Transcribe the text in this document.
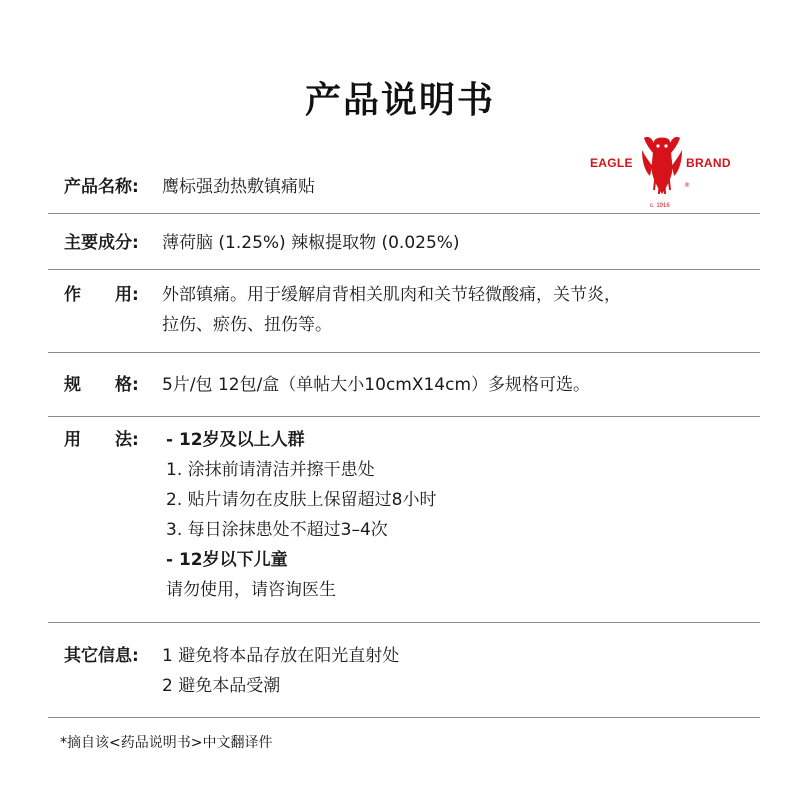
产品说明书
EAGLE	BRAND
c. 1916
®
产品名称:	鹰标强劲热敷镇痛贴
主要成分:	薄荷脑 (1.25%) 辣椒提取物 (0.025%)
作　　用:	外部镇痛。用于缓解肩背相关肌肉和关节轻微酸痛，关节炎，
拉伤、瘀伤、扭伤等。
规　　格:	5片/包 12包/盒（单帖大小10cmX14cm）多规格可选。
用　　法:	- 12岁及以上人群
1. 涂抹前请清洁并擦干患处
2. 贴片请勿在皮肤上保留超过8小时
3. 每日涂抹患处不超过3–4次
- 12岁以下儿童
请勿使用，请咨询医生
其它信息:	1 避免将本品存放在阳光直射处
2 避免本品受潮
*摘自该<药品说明书>中文翻译件
